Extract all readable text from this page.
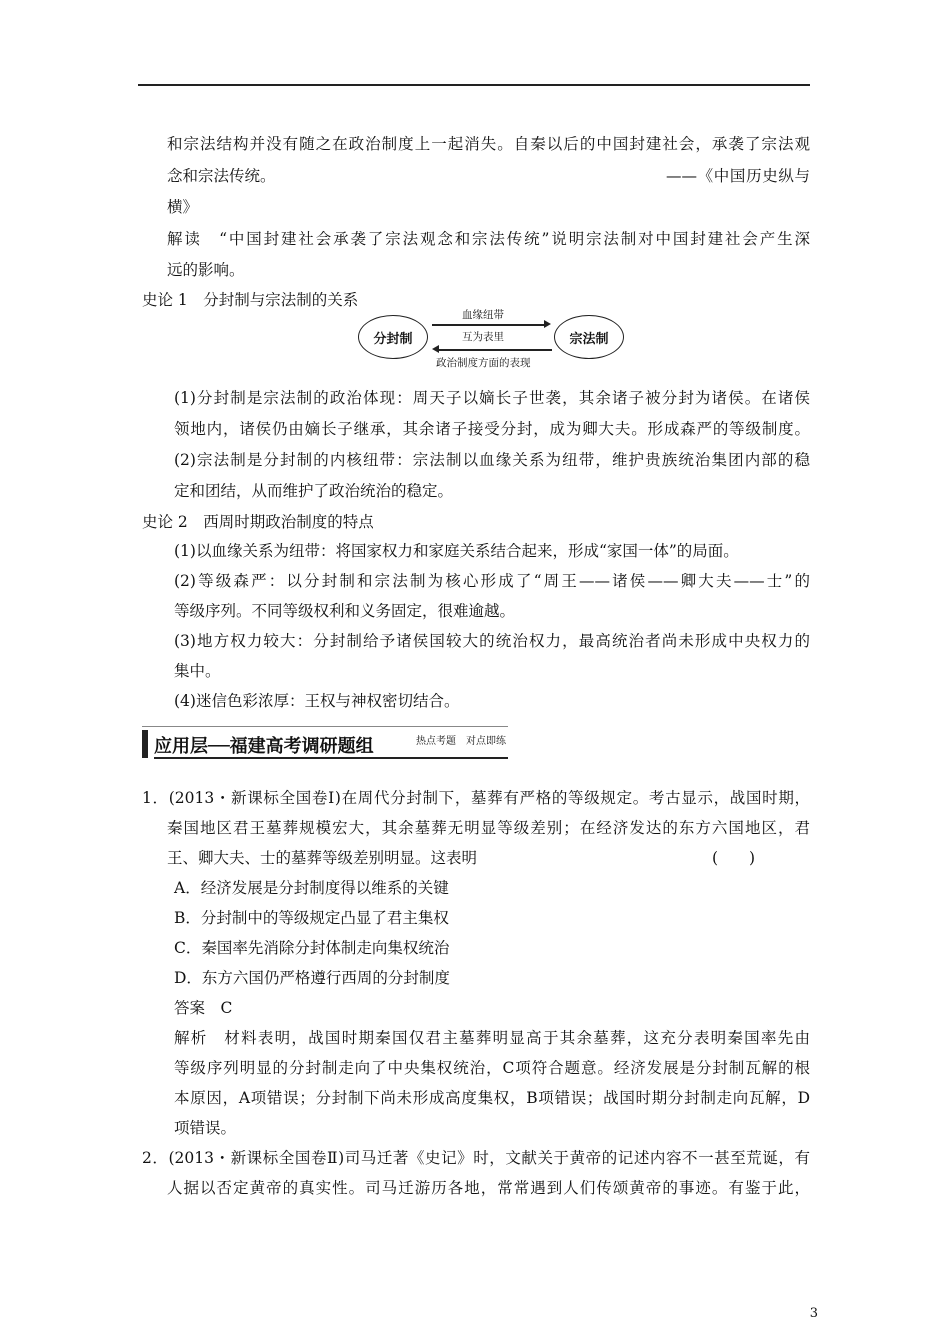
和宗法结构并没有随之在政治制度上一起消失。自秦以后的中国封建社会，承袭了宗法观
念和宗法传统。	——《中国历史纵与
横》
解读　“中国封建社会承袭了宗法观念和宗法传统”说明宗法制对中国封建社会产生深
远的影响。
史论 1　分封制与宗法制的关系
分封制	宗法制
血缘纽带
互为表里
政治制度方面的表现
(1)分封制是宗法制的政治体现：周天子以嫡长子世袭，其余诸子被分封为诸侯。在诸侯
领地内，诸侯仍由嫡长子继承，其余诸子接受分封，成为卿大夫。形成森严的等级制度。
(2)宗法制是分封制的内核纽带：宗法制以血缘关系为纽带，维护贵族统治集团内部的稳
定和团结，从而维护了政治统治的稳定。
史论 2　西周时期政治制度的特点
(1)以血缘关系为纽带：将国家权力和家庭关系结合起来，形成“家国一体”的局面。
(2)等级森严：以分封制和宗法制为核心形成了“周王——诸侯——卿大夫——士”的
等级序列。不同等级权利和义务固定，很难逾越。
(3)地方权力较大：分封制给予诸侯国较大的统治权力，最高统治者尚未形成中央权力的
集中。
(4)迷信色彩浓厚：王权与神权密切结合。
应用层──福建高考调研题组	热点考题　对点即练
1．(2013・新课标全国卷Ⅰ)在周代分封制下，墓葬有严格的等级规定。考古显示，战国时期，
秦国地区君王墓葬规模宏大，其余墓葬无明显等级差别；在经济发达的东方六国地区，君
王、卿大夫、士的墓葬等级差别明显。这表明	(　　)
A．经济发展是分封制度得以维系的关键
B．分封制中的等级规定凸显了君主集权
C．秦国率先消除分封体制走向集权统治
D．东方六国仍严格遵行西周的分封制度
答案　C
解析　材料表明，战国时期秦国仅君主墓葬明显高于其余墓葬，这充分表明秦国率先由
等级序列明显的分封制走向了中央集权统治，C项符合题意。经济发展是分封制瓦解的根
本原因，A项错误；分封制下尚未形成高度集权，B项错误；战国时期分封制走向瓦解，D
项错误。
2．(2013・新课标全国卷Ⅱ)司马迁著《史记》时，文献关于黄帝的记述内容不一甚至荒诞，有
人据以否定黄帝的真实性。司马迁游历各地，常常遇到人们传颂黄帝的事迹。有鉴于此，
3
